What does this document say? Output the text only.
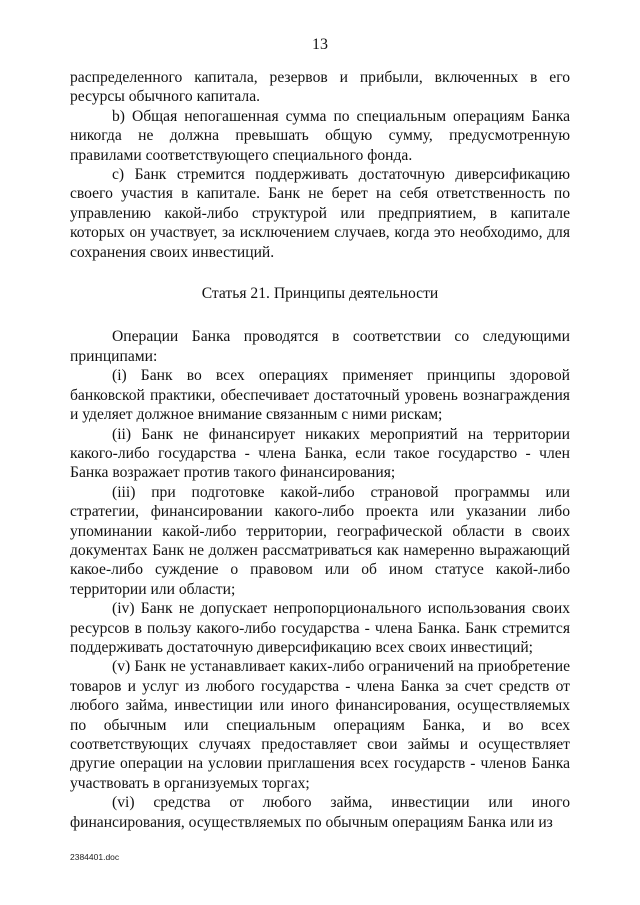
13

распределенного капитала, резервов и прибыли, включенных в его ресурсы обычного капитала.

b) Общая непогашенная сумма по специальным операциям Банка никогда не должна превышать общую сумму, предусмотренную правилами соответствующего специального фонда.

c) Банк стремится поддерживать достаточную диверсификацию своего участия в капитале. Банк не берет на себя ответственность по управлению какой-либо структурой или предприятием, в капитале которых он участвует, за исключением случаев, когда это необходимо, для сохранения своих инвестиций.

Статья 21. Принципы деятельности

Операции Банка проводятся в соответствии со следующими принципами:

(i) Банк во всех операциях применяет принципы здоровой банковской практики, обеспечивает достаточный уровень вознаграждения и уделяет должное внимание связанным с ними рискам;

(ii) Банк не финансирует никаких мероприятий на территории какого-либо государства - члена Банка, если такое государство - член Банка возражает против такого финансирования;

(iii) при подготовке какой-либо страновой программы или стратегии, финансировании какого-либо проекта или указании либо упоминании какой-либо территории, географической области в своих документах Банк не должен рассматриваться как намеренно выражающий какое-либо суждение о правовом или об ином статусе какой-либо территории или области;

(iv) Банк не допускает непропорционального использования своих ресурсов в пользу какого-либо государства - члена Банка. Банк стремится поддерживать достаточную диверсификацию всех своих инвестиций;

(v) Банк не устанавливает каких-либо ограничений на приобретение товаров и услуг из любого государства - члена Банка за счет средств от любого займа, инвестиции или иного финансирования, осуществляемых по обычным или специальным операциям Банка, и во всех соответствующих случаях предоставляет свои займы и осуществляет другие операции на условии приглашения всех государств - членов Банка участвовать в организуемых торгах;

(vi) средства от любого займа, инвестиции или иного финансирования, осуществляемых по обычным операциям Банка или из

2384401.doc
